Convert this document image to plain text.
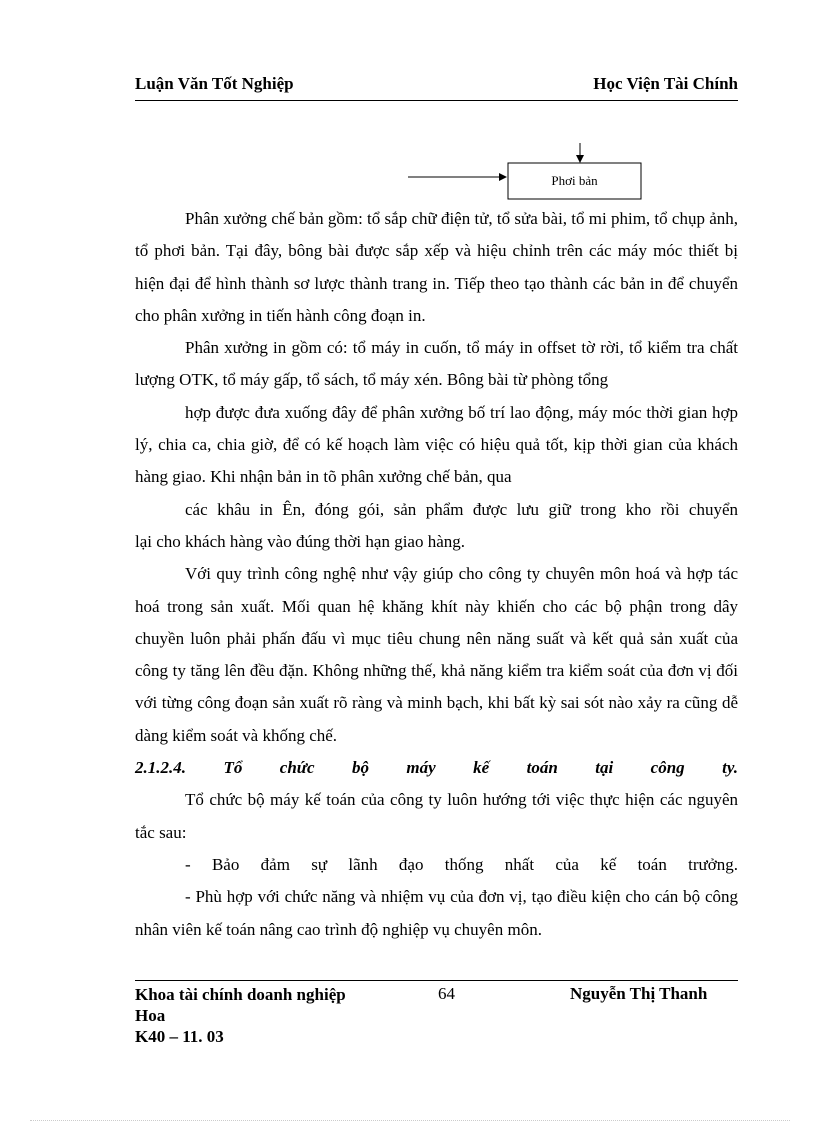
Luận Văn Tốt Nghiệp	Học Viện Tài Chính
Phơi bản

Phân xưởng chế bản gồm: tổ sắp chữ điện tử, tổ sửa bài, tổ mi phim, tổ chụp ảnh, tổ phơi bản. Tại đây, bông bài được sắp xếp và hiệu chỉnh trên các máy móc thiết bị hiện đại để hình thành sơ lược thành trang in. Tiếp theo tạo thành các bản in để chuyển cho phân xưởng in tiến hành công đoạn in.

Phân xưởng in gồm có: tổ máy in cuốn, tổ máy in offset tờ rời, tổ kiểm tra chất lượng OTK, tổ máy gấp, tổ sách, tổ máy xén. Bông bài từ phòng tổng

hợp được đưa xuống đây để phân xưởng bố trí lao động, máy móc thời gian hợp lý, chia ca, chia giờ, để có kế hoạch làm việc có hiệu quả tốt, kịp thời gian của khách hàng giao. Khi nhận bản in tõ phân xưởng chế bản, qua

các khâu in Ên, đóng gói, sản phẩm được lưu giữ trong kho rồi chuyển

lại cho khách hàng vào đúng thời hạn giao hàng.

Với quy trình công nghệ như vậy giúp cho công ty chuyên môn hoá và hợp tác hoá trong sản xuất. Mối quan hệ khăng khít này khiến cho các bộ phận trong dây chuyền luôn phải phấn đấu vì mục tiêu chung nên năng suất và kết quả sản xuất của công ty tăng lên đều đặn. Không những thế, khả năng kiểm tra kiểm soát của đơn vị đối với từng công đoạn sản xuất rõ ràng và minh bạch, khi bất kỳ sai sót nào xảy ra cũng dễ dàng kiểm soát và khống chế.

2.1.2.4. Tổ chức bộ máy kế toán tại công ty.

Tổ chức bộ máy kế toán của công ty luôn hướng tới việc thực hiện các nguyên tắc sau:

- Bảo đảm sự lãnh đạo thống nhất của kế toán trưởng.

- Phù hợp với chức năng và nhiệm vụ của đơn vị, tạo điều kiện cho cán bộ công nhân viên kế toán nâng cao trình độ nghiệp vụ chuyên môn.

Khoa tài chính doanh nghiệp
Hoa
K40 – 11. 03
64	Nguyễn Thị Thanh
